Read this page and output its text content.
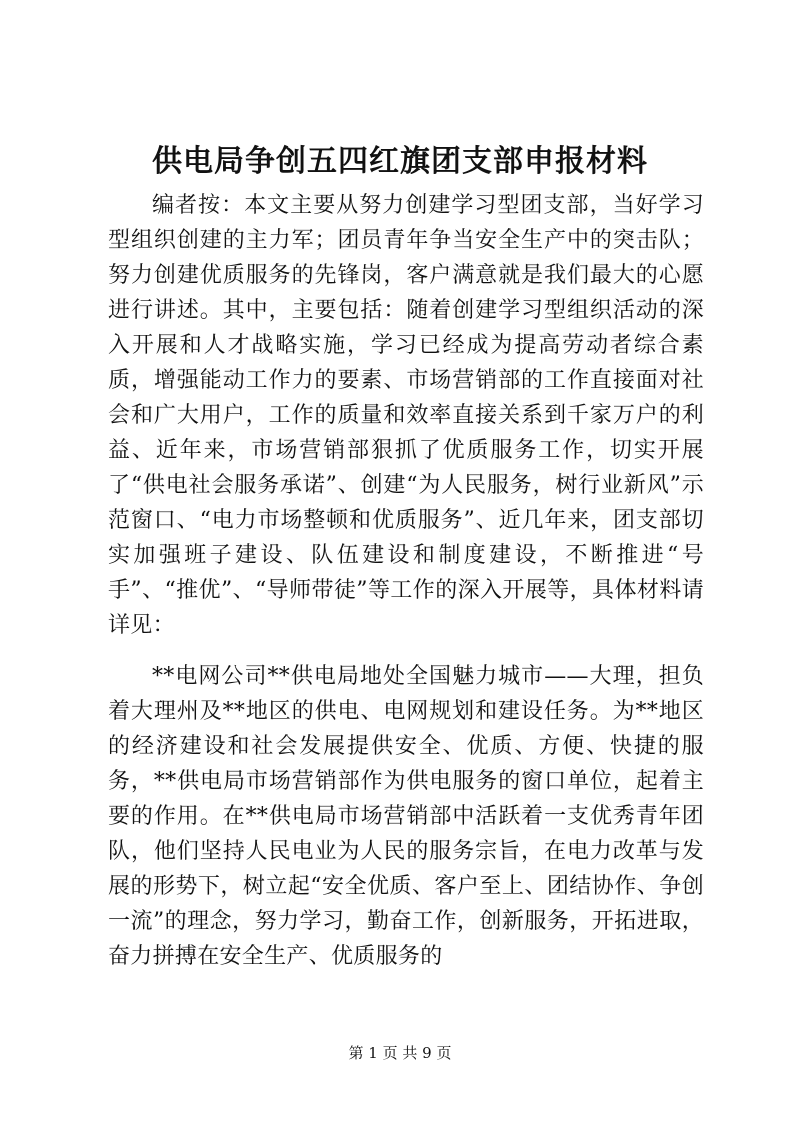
供电局争创五四红旗团支部申报材料

编者按：本文主要从努力创建学习型团支部，当好学习型组织创建的主力军；团员青年争当安全生产中的突击队；努力创建优质服务的先锋岗，客户满意就是我们最大的心愿进行讲述。其中，主要包括：随着创建学习型组织活动的深入开展和人才战略实施，学习已经成为提高劳动者综合素质，增强能动工作力的要素、市场营销部的工作直接面对社会和广大用户，工作的质量和效率直接关系到千家万户的利益、近年来，市场营销部狠抓了优质服务工作，切实开展了“供电社会服务承诺”、创建“为人民服务，树行业新风”示范窗口、“电力市场整顿和优质服务”、近几年来，团支部切实加强班子建设、队伍建设和制度建设，不断推进“号手”、“推优”、“导师带徒”等工作的深入开展等，具体材料请详见：

**电网公司**供电局地处全国魅力城市——大理，担负着大理州及**地区的供电、电网规划和建设任务。为**地区的经济建设和社会发展提供安全、优质、方便、快捷的服务，**供电局市场营销部作为供电服务的窗口单位，起着主要的作用。在**供电局市场营销部中活跃着一支优秀青年团队，他们坚持人民电业为人民的服务宗旨，在电力改革与发展的形势下，树立起“安全优质、客户至上、团结协作、争创一流”的理念，努力学习，勤奋工作，创新服务，开拓进取，奋力拼搏在安全生产、优质服务的

第 1 页 共 9 页
